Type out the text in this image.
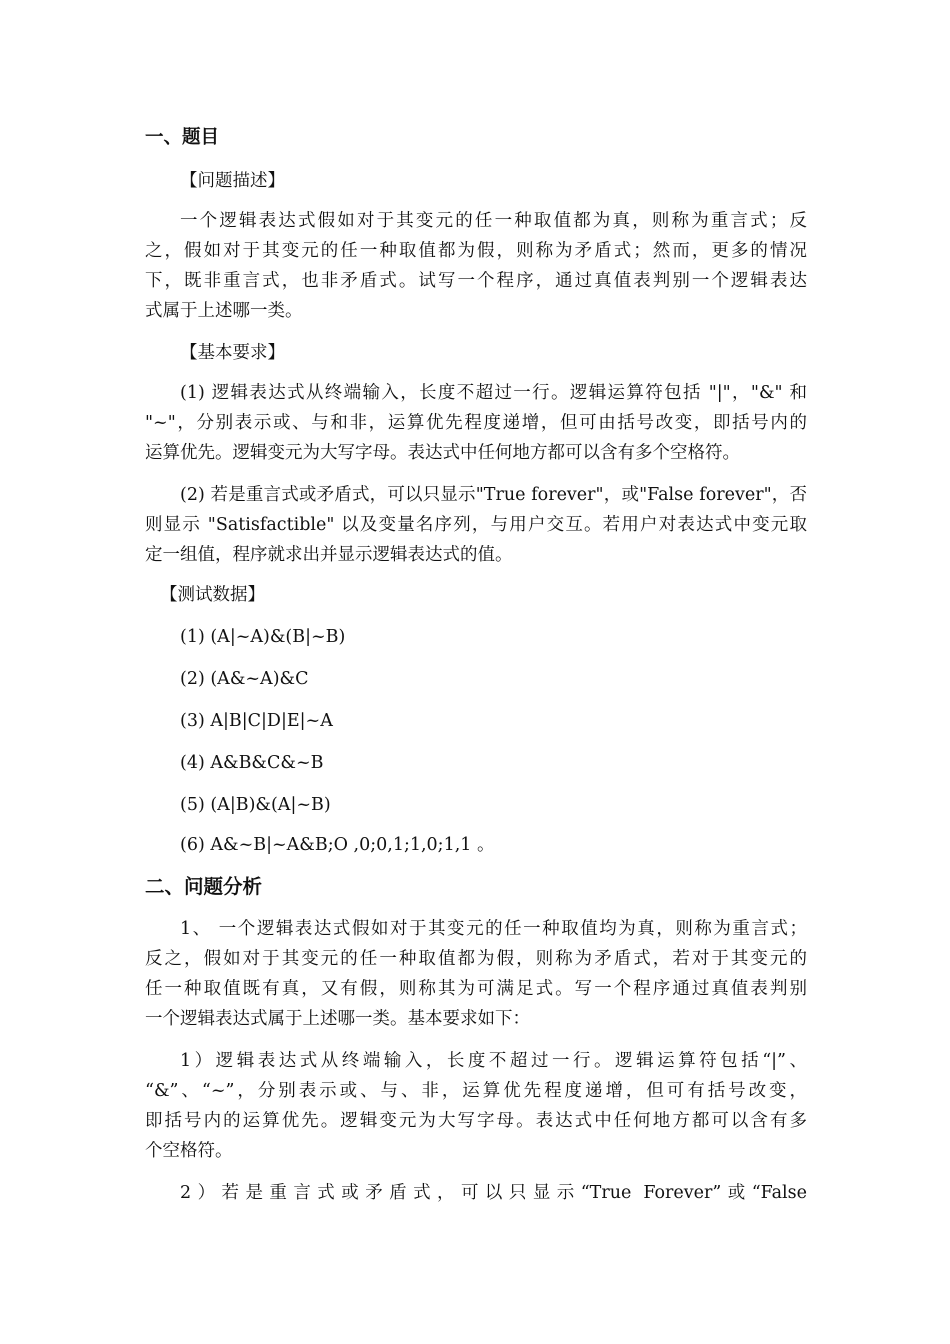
一、题目
【问题描述】
一个逻辑表达式假如对于其变元的任一种取值都为真，则称为重言式；反
之，假如对于其变元的任一种取值都为假，则称为矛盾式；然而，更多的情况
下，既非重言式，也非矛盾式。试写一个程序，通过真值表判别一个逻辑表达
式属于上述哪一类。
【基本要求】
(1) 逻辑表达式从终端输入，长度不超过一行。逻辑运算符包括 "|"，"&" 和
"~"，分别表示或、与和非，运算优先程度递增，但可由括号改变，即括号内的
运算优先。逻辑变元为大写字母。表达式中任何地方都可以含有多个空格符。
(2) 若是重言式或矛盾式，可以只显示"True forever"，或"False forever"，否
则显示 "Satisfactible" 以及变量名序列，与用户交互。若用户对表达式中变元取
定一组值，程序就求出并显示逻辑表达式的值。
【测试数据】
(1) (A|~A)&(B|~B)
(2) (A&~A)&C
(3) A|B|C|D|E|~A
(4) A&B&C&~B
(5) (A|B)&(A|~B)
(6) A&~B|~A&B;O ,0;0,1;1,0;1,1 。
二、问题分析
1、 一个逻辑表达式假如对于其变元的任一种取值均为真，则称为重言式；
反之，假如对于其变元的任一种取值都为假，则称为矛盾式，若对于其变元的
任一种取值既有真，又有假，则称其为可满足式。写一个程序通过真值表判别
一个逻辑表达式属于上述哪一类。基本要求如下：
1）逻辑表达式从终端输入，长度不超过一行。逻辑运算符包括“|”、
“&”、“~”，分别表示或、与、非，运算优先程度递增，但可有括号改变，
即括号内的运算优先。逻辑变元为大写字母。表达式中任何地方都可以含有多
个空格符。
2）若是重言式或矛盾式，可以只显示“True Forever”或“False
